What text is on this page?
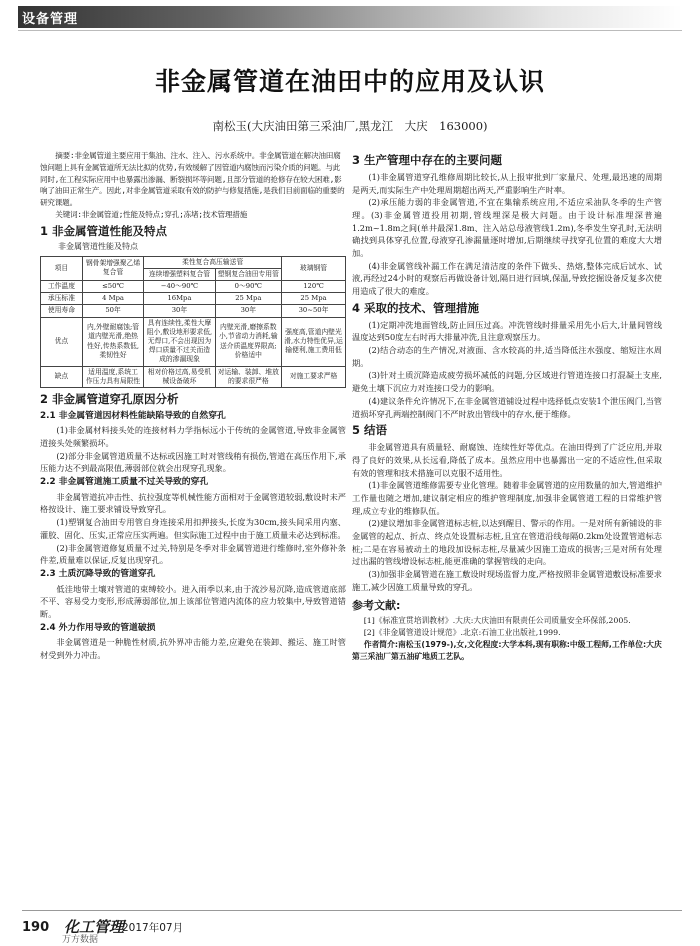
设备管理
非金属管道在油田中的应用及认识
南松玉(大庆油田第三采油厂,黑龙江　大庆　163000)

摘要:非金属管道主要应用于集油、注水、注入、污水系统中。非金属管道在解决油田腐蚀问题上具有金属管道所无法比拟的优势,有效缓解了因管道内腐蚀而污染介质的问题。与此同时,在工程实际应用中也暴露出渗漏、断裂损坏等问题,且部分管道的抢修存在较大困难,影响了油田正常生产。因此,对非金属管道采取有效的防护与修复措施,是我们目前面临的重要的研究课题。

关键词:非金属管道;性能及特点;穿孔;冻堵;技术管理措施

1 非金属管道性能及特点
非金属管道性能及特点
项目	钢骨架增强聚乙烯复合管	柔性复合高压输送管		玻璃钢管
		连续增强塑料复合管	塑钢复合油田专用管	
工作温度	≤50℃	−40～90℃	0～90℃	120℃
承压标准	4 Mpa	16Mpa	25 Mpa	25 Mpa
使用寿命	50年	30年	30年	30~50年
优点	内,外壁耐腐蚀;管道内壁光滑,绝热性好,传热系数低,柔韧性好	具有连续性,柔性大摩阻小,敷设地形要求低,无焊口,不会出现因为焊口质量不过关而造成的渗漏现象	内壁光滑,磨擦系数小,节省动力消耗,输送介质温度界限高;价格适中	强度高,管道内壁光滑,水力特性优异,运输便利,施工费用低
缺点	适用温度,系统工作压力具有局限性	相对价格过高,易受机械设备破坏	对运输、装卸、堆放的要求很严格	对施工要求严格
2 非金属管道穿孔原因分析
2.1 非金属管道因材料性能缺陷导致的自然穿孔

(1)非金属材料接头处的连接材料力学指标远小于传统的金属管道,导致非金属管道接头处频繁损坏。

(2)部分非金属管道质量不达标或因施工时对管线稍有损伤,管道在高压作用下,承压能力达不到最高限值,薄弱部位就会出现穿孔现象。

2.2 非金属管道施工质量不过关导致的穿孔

非金属管道抗冲击性、抗拉强度等机械性能方面相对于金属管道较弱,敷设时未严格按设计、施工要求铺设导致穿孔。

(1)塑钢复合油田专用管自身连接采用扣押接头,长度为30cm,接头间采用内塞、灌胶、固化、压实,正常应压实两遍。但实际施工过程中由于施工质量未必达到标准。

(2)非金属管道修复质量不过关,特别是冬季对非金属管道进行维修时,室外修补条件差,质量难以保证,反复出现穿孔。

2.3 土质沉降导致的管道穿孔

低洼地带土壤对管道的束缚较小。进入雨季以来,由于流沙易沉降,造成管道底部不平、容易受力变形,形成薄弱部位,加上该部位管道内流体的应力较集中,导致管道错断。

2.4 外力作用导致的管道破损

非金属管道是一种脆性材质,抗外界冲击能力差,应避免在装卸、搬运、施工时管材受到外力冲击。

3 生产管理中存在的主要问题

(1)非金属管道穿孔维修周期比较长,从上报审批到厂家量尺、处理,最迅速的周期是两天,而实际生产中处理周期超出两天,严重影响生产时率。

(2)承压能力弱的非金属管道,不宜在集输系统应用,不适应采油队冬季的生产管理。(3)非金属管道投用初期,管线埋深是极大问题。由于设计标准埋深普遍1.2m~1.8m之间(单井最深1.8m、注入站总母液管线1.2m),冬季发生穿孔时,无法明确找到具体穿孔位置,母液穿孔渗漏量逐时增加,后期继续寻找穿孔位置的难度大大增加。

(4)非金属管线补漏工作在满足清洁度的条件下做头、热熔,整体完成后试水、试液,再经过24小时的观察后再做设备计划,隔日进行回填,保温,导致挖掘设备反复多次使用造成了很大的难度。

4 采取的技术、管理措施

(1)定期冲洗地面管线,防止回压过高。冲洗管线时排量采用先小后大,计量间管线温度达到50度左右时再大排量冲洗,且注意观察压力。

(2)结合动态的生产情况,对液面、含水较高的井,适当降低注水强度、缩短注水周期。

(3)针对土质沉降造成疲劳损坏减低的问题,分区域进行管道连接口打混凝土支座,避免土壤下沉应力对连接口受力的影响。

(4)建议条件允许情况下,在非金属管道铺设过程中选择低点安装1个泄压阀门,当管道损坏穿孔两端控制阀门不严时放出管线中的存水,便于维修。

5 结语

非金属管道具有质量轻、耐腐蚀、连续性好等优点。在油田得到了广泛应用,并取得了良好的效果,从长远看,降低了成本。虽然应用中也暴露出一定的不适应性,但采取有效的管理和技术措施可以克服不适用性。

(1)非金属管道维修需要专业化管理。随着非金属管道的应用数量的加大,管道维护工作量也随之增加,建议制定相应的维护管理制度,加强非金属管道工程的日常维护管理,成立专业的维修队伍。

(2)建议增加非金属管道标志桩,以达到醒目、警示的作用。一是对所有新铺设的非金属管的起点、折点、终点处设置标志桩,且宜在管道沿线每隔0.2km处设置管道标志桩;二是在容易被动土的地段加设标志桩,尽量减少因施工造成的损害;三是对所有处理过出漏的管线增设标志桩,能更准确的掌握管线的走向。

(3)加强非金属管道在施工敷设时现场监督力度,严格按照非金属管道敷设标准要求施工,减少因施工质量导致的穿孔。

参考文献:

[1]《标准宣贯培训教材》.大庆:大庆油田有限责任公司质量安全环保部,2005.

[2]《非金属管道设计规范》.北京:石油工业出版社,1999.

作者简介:南松玉(1979-),女,文化程度:大学本科,现有职称:中级工程师,工作单位:大庆第三采油厂第五油矿地质工艺队。

190 化工管理
2017年07月
万方数据
